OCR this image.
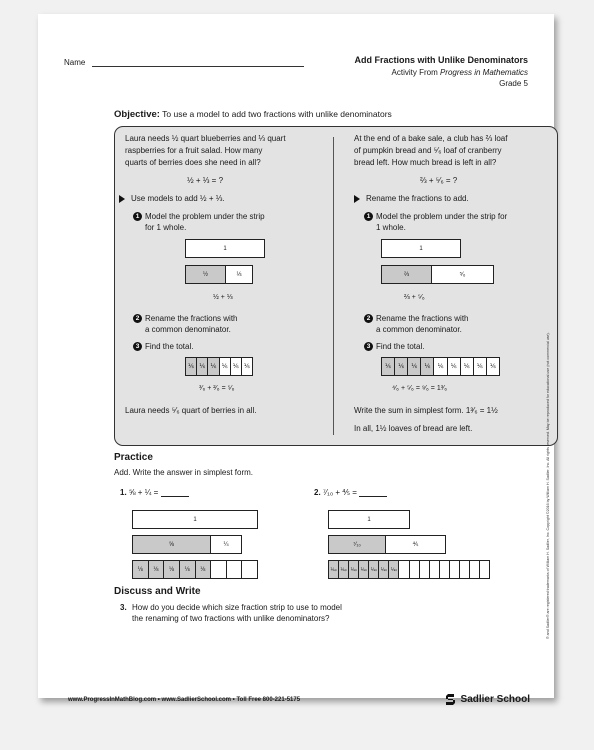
Name	Add Fractions with Unlike Denominators
Activity From Progress in Mathematics
Grade 5
Objective: To use a model to add two fractions with unlike denominators
Laura needs ½ quart blueberries and ⅓ quart
raspberries for a fruit salad. How many
quarts of berries does she need in all?
½ + ⅓ = ?
Use models to add ½ + ⅓.
1 Model the problem under the strip
for 1 whole.
1
½	⅓
½ + ⅓
2 Rename the fractions with
a common denominator.
3 Find the total.
⅙ ⅙ ⅙ ⅙ ⅙ ⅙
³⁄₆ + ²⁄₆ = ⁵⁄₆
Laura needs ⁵⁄₆ quart of berries in all.
At the end of a bake sale, a club has ⅔ loaf
of pumpkin bread and ⁵⁄₆ loaf of cranberry
bread left. How much bread is left in all?
⅔ + ⁵⁄₆ = ?
Rename the fractions to add.
1 Model the problem under the strip for
1 whole.
1
⅔	⁵⁄₆
⅔ + ⁵⁄₆
2 Rename the fractions with
a common denominator.
3 Find the total.
⅙	⅙	⅙	⅙	⅙	⅙	⅙	⅙	⅙
⁴⁄₆ + ⁵⁄₆ = ⁹⁄₆ = 1³⁄₆
Write the sum in simplest form. 1³⁄₆ = 1½
In all, 1½ loaves of bread are left.
Practice
Add. Write the answer in simplest form.
1. ⅝ + ¼ =
1
⅝	¼
⅛	⅛	⅛	⅛	⅛
2. ⁷⁄₁₀ + ⅘ =
1
⁷⁄₁₀	⅘
⅒ ⅒ ⅒ ⅒ ⅒ ⅒ ⅒
Discuss and Write
3. How do you decide which size fraction strip to use to model
the renaming of two fractions with unlike denominators?
www.ProgressInMathBlog.com • www.SadlierSchool.com • Toll Free 800-221-5175	Sadlier School
® and Sadlier® are registered trademarks of William H. Sadlier, Inc. Copyright ©2016 by William H. Sadlier, Inc. All rights reserved. May be reproduced for educational use (not commercial use).
